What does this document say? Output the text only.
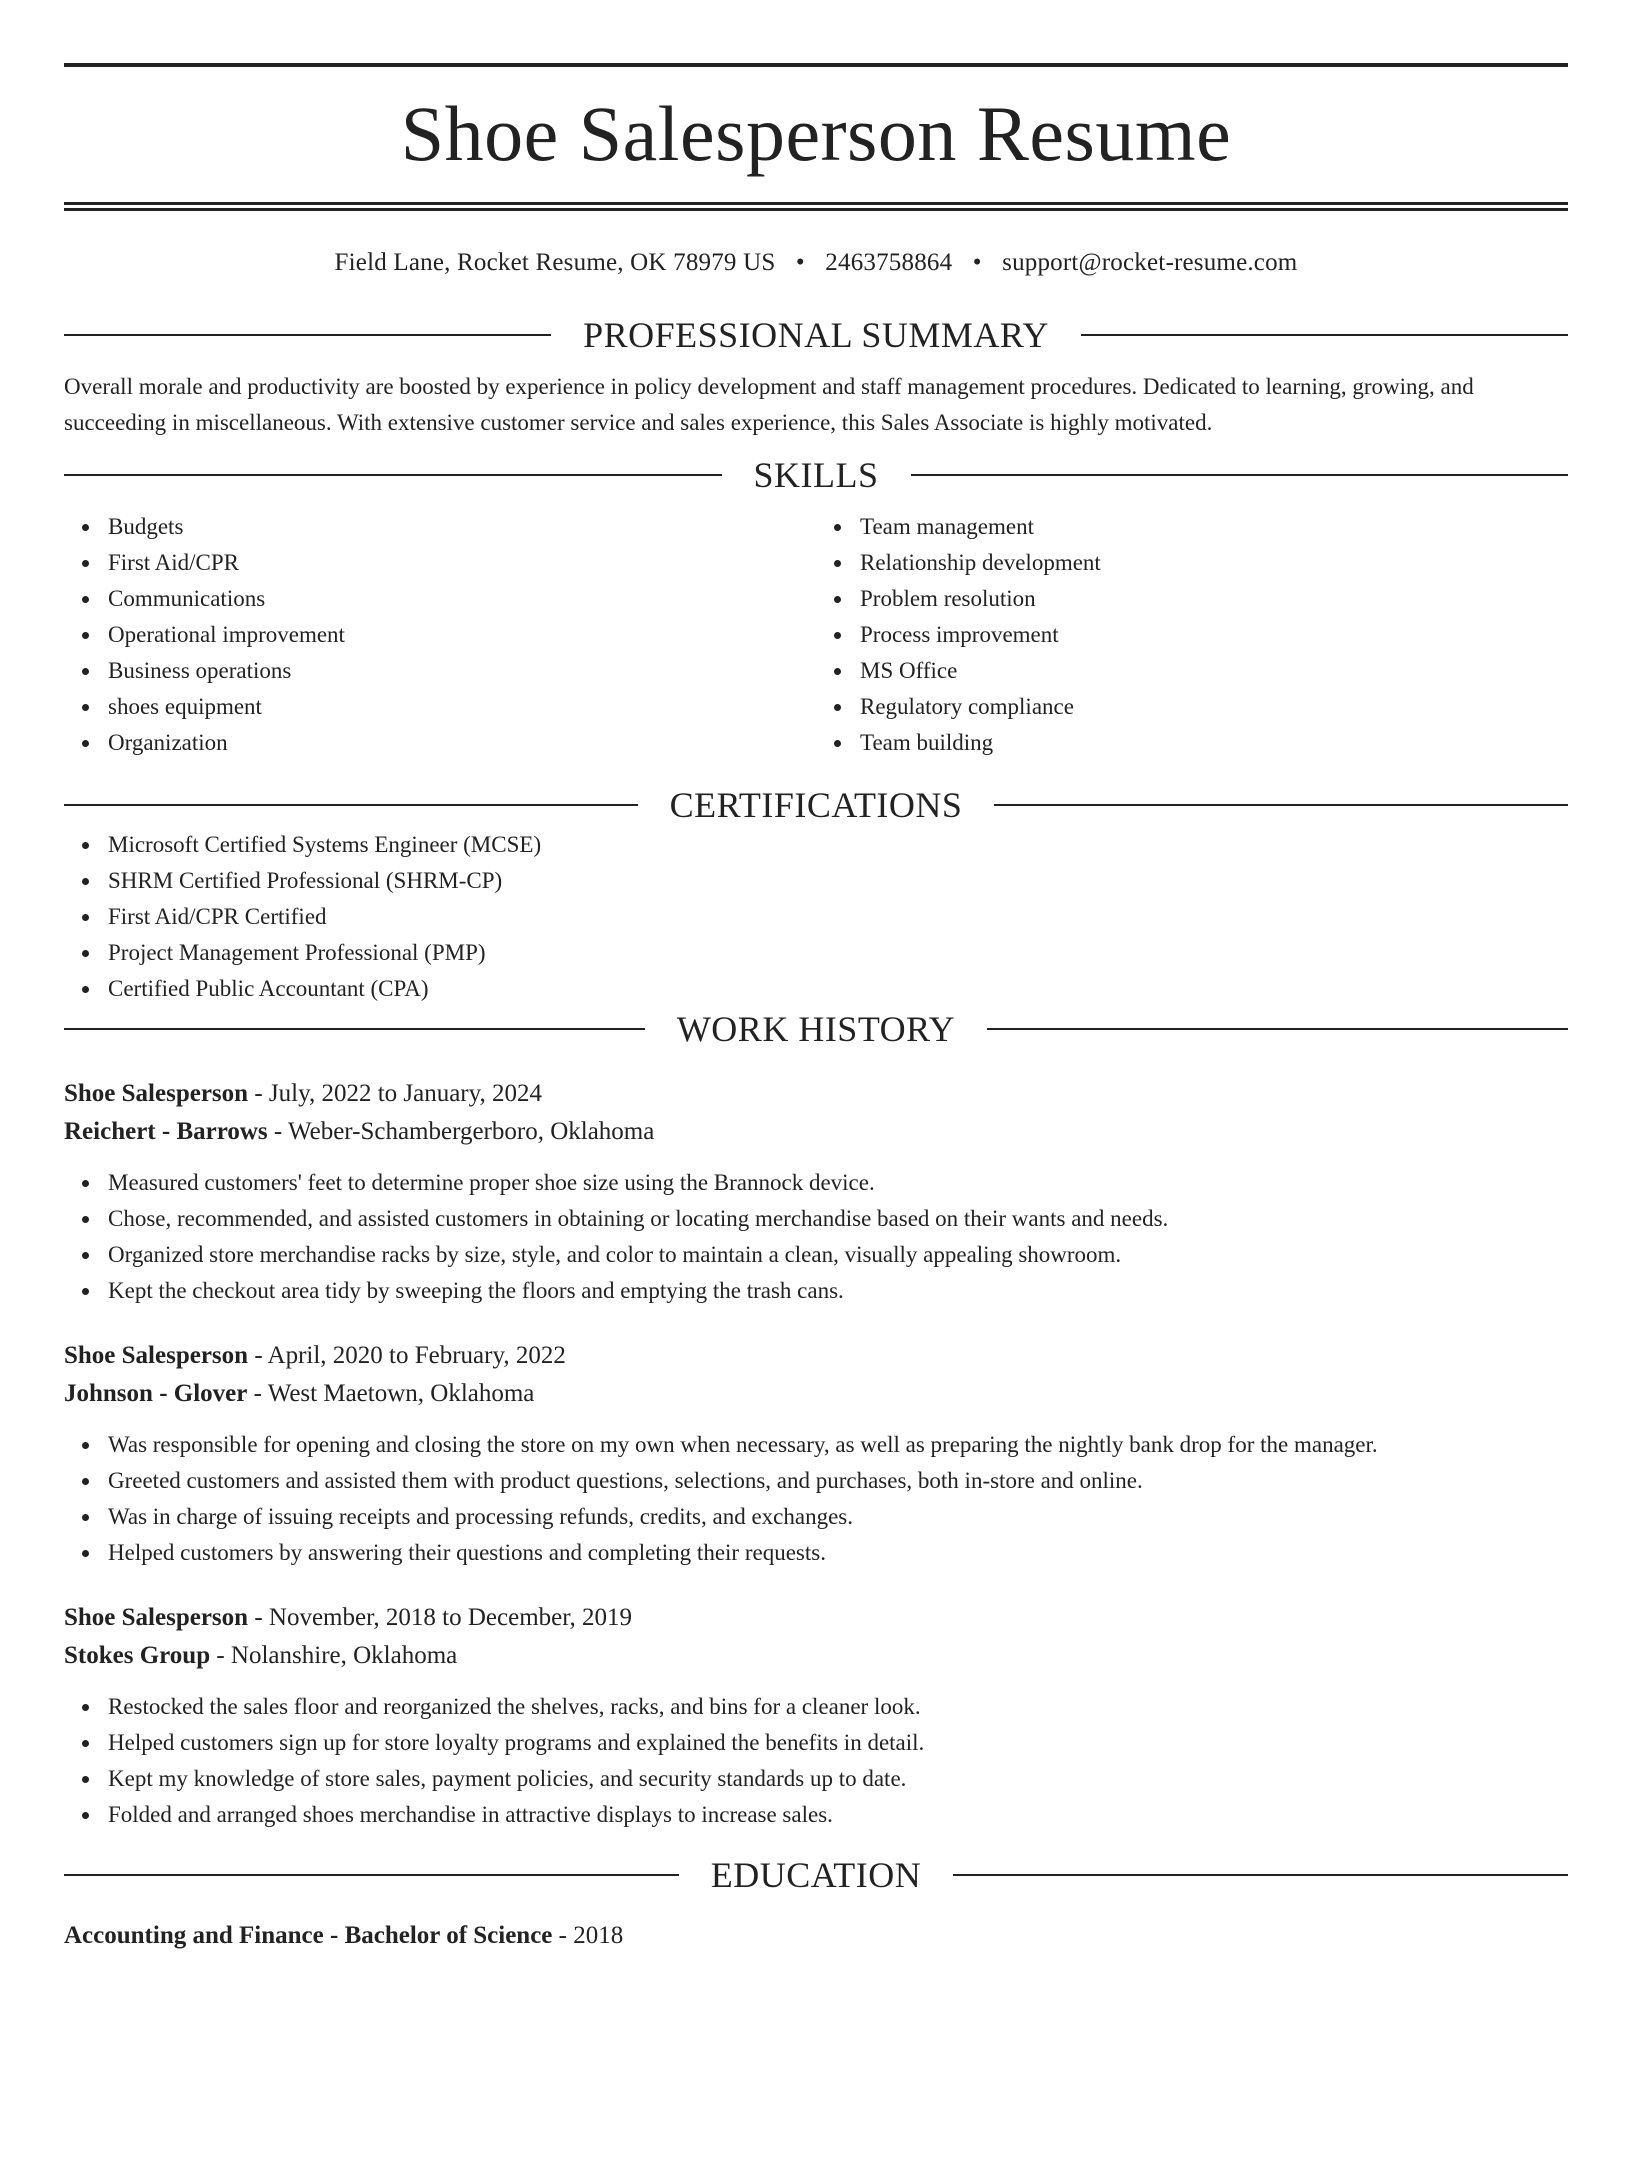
Shoe Salesperson Resume
Field Lane, Rocket Resume, OK 78979 US • 2463758864 • support@rocket-resume.com
PROFESSIONAL SUMMARY

Overall morale and productivity are boosted by experience in policy development and staff management procedures. Dedicated to learning, growing, and succeeding in miscellaneous. With extensive customer service and sales experience, this Sales Associate is highly motivated.

SKILLS
Budgets
First Aid/CPR
Communications
Operational improvement
Business operations
shoes equipment
Organization
Team management
Relationship development
Problem resolution
Process improvement
MS Office
Regulatory compliance
Team building
CERTIFICATIONS
Microsoft Certified Systems Engineer (MCSE)
SHRM Certified Professional (SHRM-CP)
First Aid/CPR Certified
Project Management Professional (PMP)
Certified Public Accountant (CPA)
WORK HISTORY
Shoe Salesperson - July, 2022 to January, 2024
Reichert - Barrows - Weber-Schambergerboro, Oklahoma
Measured customers' feet to determine proper shoe size using the Brannock device.
Chose, recommended, and assisted customers in obtaining or locating merchandise based on their wants and needs.
Organized store merchandise racks by size, style, and color to maintain a clean, visually appealing showroom.
Kept the checkout area tidy by sweeping the floors and emptying the trash cans.
Shoe Salesperson - April, 2020 to February, 2022
Johnson - Glover - West Maetown, Oklahoma
Was responsible for opening and closing the store on my own when necessary, as well as preparing the nightly bank drop for the manager.
Greeted customers and assisted them with product questions, selections, and purchases, both in-store and online.
Was in charge of issuing receipts and processing refunds, credits, and exchanges.
Helped customers by answering their questions and completing their requests.
Shoe Salesperson - November, 2018 to December, 2019
Stokes Group - Nolanshire, Oklahoma
Restocked the sales floor and reorganized the shelves, racks, and bins for a cleaner look.
Helped customers sign up for store loyalty programs and explained the benefits in detail.
Kept my knowledge of store sales, payment policies, and security standards up to date.
Folded and arranged shoes merchandise in attractive displays to increase sales.
EDUCATION
Accounting and Finance - Bachelor of Science - 2018
